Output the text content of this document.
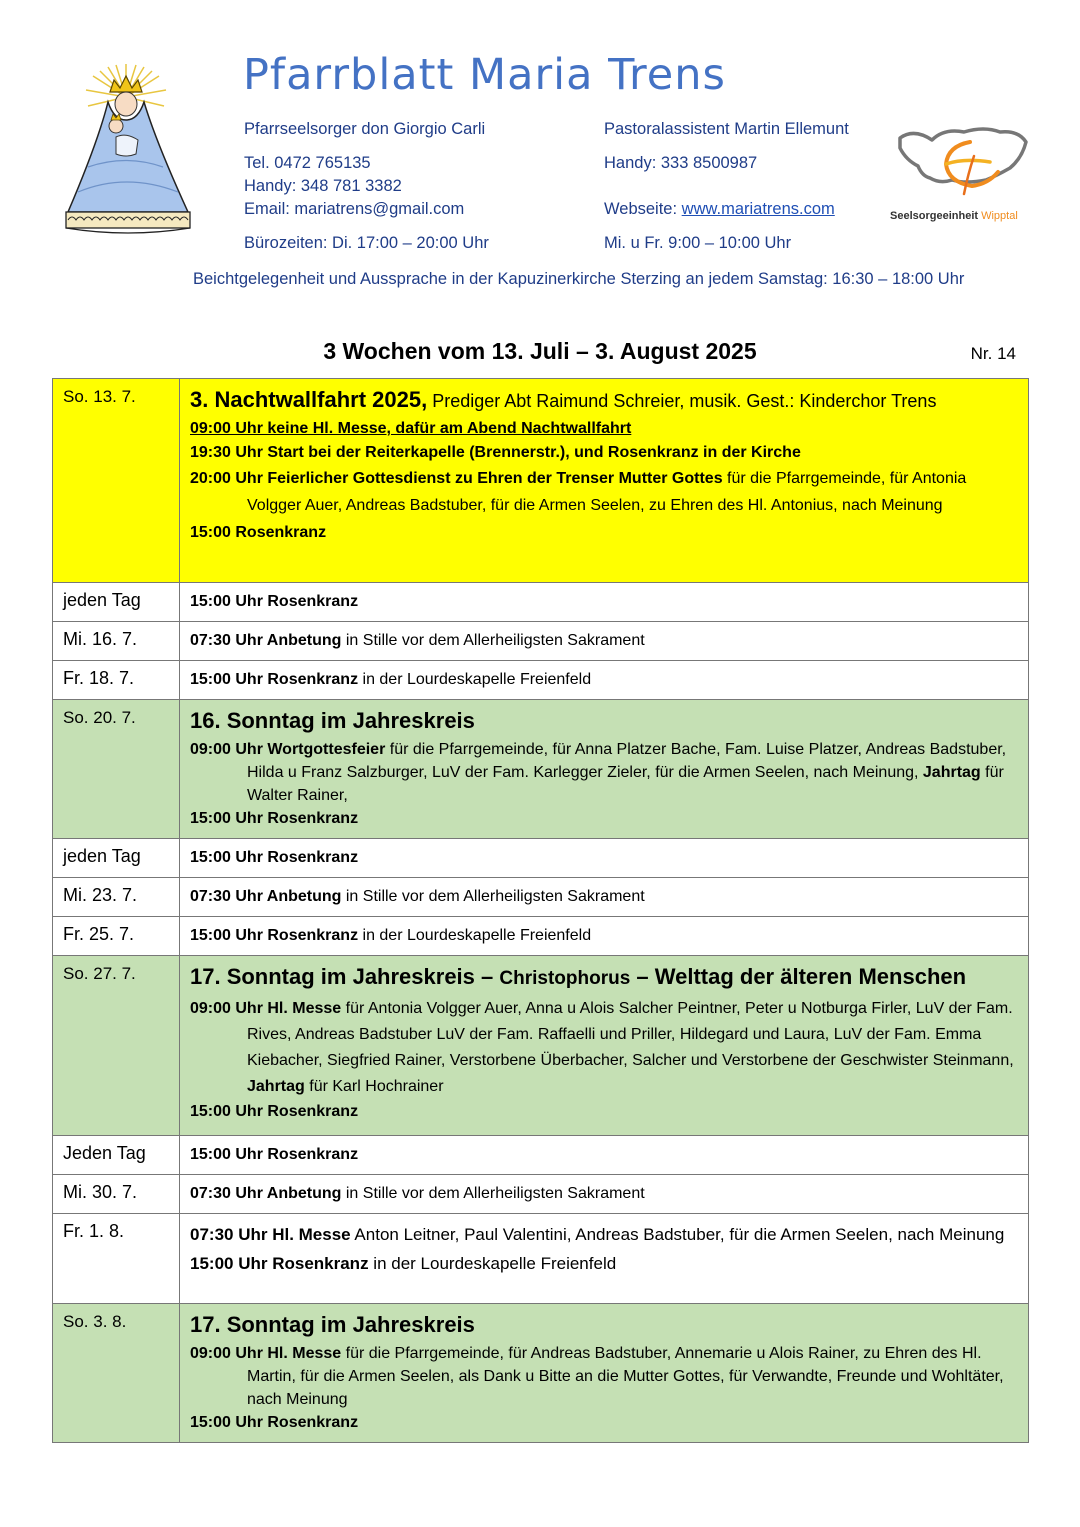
Pfarrblatt Maria Trens
Pfarrseelsorger don Giorgio Carli	Pastoralassistent Martin Ellemunt
Tel. 0472 765135
Handy: 348 781 3382
Email: mariatrens@gmail.com
Handy: 333 8500987
Webseite: www.mariatrens.com
Bürozeiten: Di. 17:00 – 20:00 Uhr	Mi. u Fr. 9:00 – 10:00 Uhr
Seelsorgeeinheit Wipptal
Beichtgelegenheit und Aussprache in der Kapuzinerkirche Sterzing an jedem Samstag: 16:30 – 18:00 Uhr
3 Wochen vom 13. Juli – 3. August 2025	Nr. 14
So. 13. 7.	3. Nachtwallfahrt 2025, Prediger Abt Raimund Schreier, musik. Gest.: Kinderchor Trens

09:00 Uhr keine Hl. Messe, dafür am Abend Nachtwallfahrt

19:30 Uhr Start bei der Reiterkapelle (Brennerstr.), und Rosenkranz in der Kirche

20:00 Uhr Feierlicher Gottesdienst zu Ehren der Trenser Mutter Gottes für die Pfarrgemeinde, für Antonia Volgger Auer, Andreas Badstuber, für die Armen Seelen, zu Ehren des Hl. Antonius, nach Meinung

15:00 Rosenkranz

jeden Tag	15:00 Uhr Rosenkranz
Mi. 16. 7.	07:30 Uhr Anbetung in Stille vor dem Allerheiligsten Sakrament
Fr. 18. 7.	15:00 Uhr Rosenkranz in der Lourdeskapelle Freienfeld
So. 20. 7.	16. Sonntag im Jahreskreis

09:00 Uhr Wortgottesfeier für die Pfarrgemeinde, für Anna Platzer Bache, Fam. Luise Platzer, Andreas Badstuber, Hilda u Franz Salzburger, LuV der Fam. Karlegger Zieler, für die Armen Seelen, nach Meinung, Jahrtag für Walter Rainer,

15:00 Uhr Rosenkranz

jeden Tag	15:00 Uhr Rosenkranz
Mi. 23. 7.	07:30 Uhr Anbetung in Stille vor dem Allerheiligsten Sakrament
Fr. 25. 7.	15:00 Uhr Rosenkranz in der Lourdeskapelle Freienfeld
So. 27. 7.	17. Sonntag im Jahreskreis – Christophorus – Welttag der älteren Menschen

09:00 Uhr Hl. Messe für Antonia Volgger Auer, Anna u Alois Salcher Peintner, Peter u Notburga Firler, LuV der Fam. Rives, Andreas Badstuber LuV der Fam. Raffaelli und Priller, Hildegard und Laura, LuV der Fam. Emma Kiebacher, Siegfried Rainer, Verstorbene Überbacher, Salcher und Verstorbene der Geschwister Steinmann, Jahrtag für Karl Hochrainer

15:00 Uhr Rosenkranz

Jeden Tag	15:00 Uhr Rosenkranz
Mi. 30. 7.	07:30 Uhr Anbetung in Stille vor dem Allerheiligsten Sakrament
Fr. 1. 8.	07:30 Uhr Hl. Messe Anton Leitner, Paul Valentini, Andreas Badstuber, für die Armen Seelen, nach Meinung

15:00 Uhr Rosenkranz in der Lourdeskapelle Freienfeld

So. 3. 8.	17. Sonntag im Jahreskreis

09:00 Uhr Hl. Messe für die Pfarrgemeinde, für Andreas Badstuber, Annemarie u Alois Rainer, zu Ehren des Hl. Martin, für die Armen Seelen, als Dank u Bitte an die Mutter Gottes, für Verwandte, Freunde und Wohltäter, nach Meinung

15:00 Uhr Rosenkranz
